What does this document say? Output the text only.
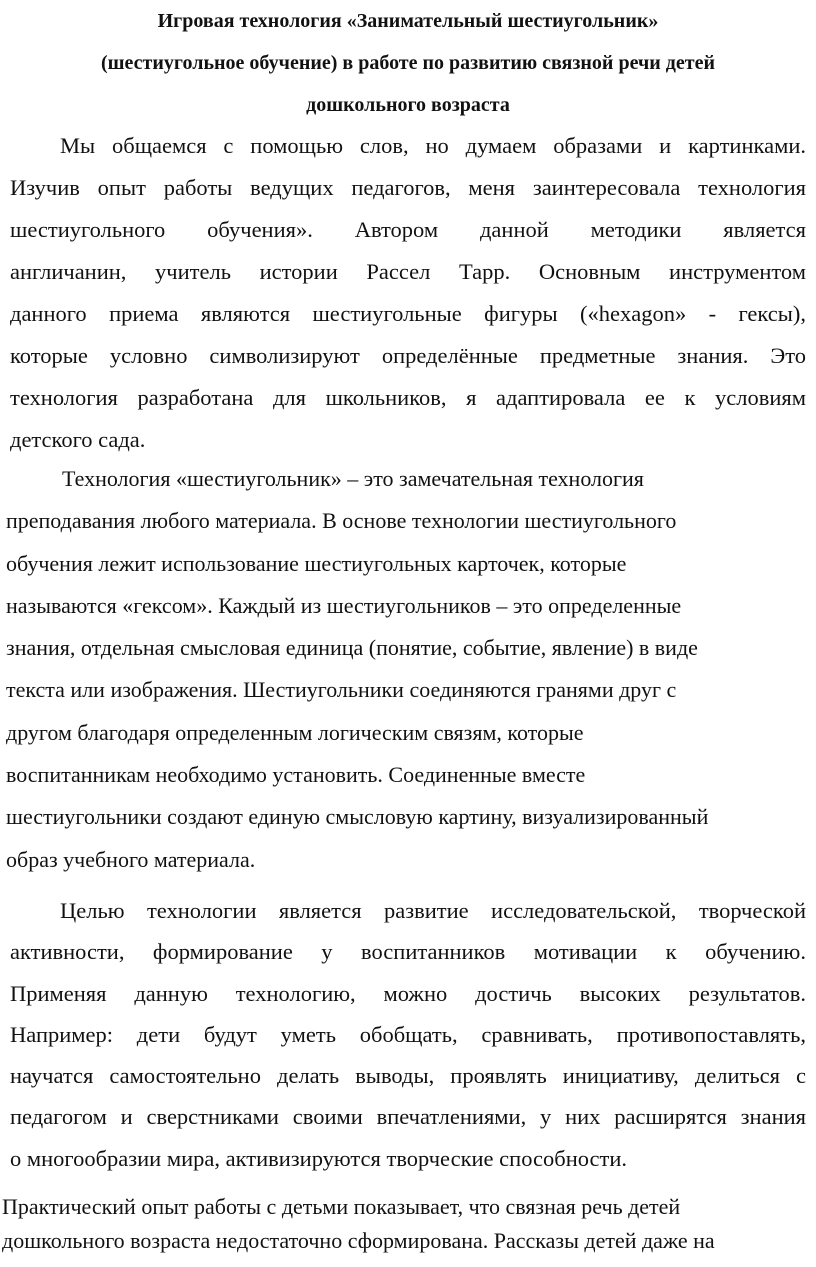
Игровая технология «Занимательный шестиугольник»
(шестиугольное обучение) в работе по развитию связной речи детей
дошкольного возраста
Мы общаемся с помощью слов, но думаем образами и картинками.
Изучив опыт работы ведущих педагогов, меня заинтересовала технология
шестиугольного обучения». Автором данной методики является
англичанин, учитель истории Рассел Тарр. Основным инструментом
данного приема являются шестиугольные фигуры («hexagon» - гексы),
которые условно символизируют определённые предметные знания. Это
технология разработана для школьников, я адаптировала ее к условиям
детского сада.
Технология «шестиугольник» – это замечательная технология
преподавания любого материала. В основе технологии шестиугольного
обучения лежит использование шестиугольных карточек, которые
называются «гексом». Каждый из шестиугольников – это определенные
знания, отдельная смысловая единица (понятие, событие, явление) в виде
текста или изображения. Шестиугольники соединяются гранями друг с
другом благодаря определенным логическим связям, которые
воспитанникам необходимо установить. Соединенные вместе
шестиугольники создают единую смысловую картину, визуализированный
образ учебного материала.
Целью технологии является развитие исследовательской, творческой
активности, формирование у воспитанников мотивации к обучению.
Применяя данную технологию, можно достичь высоких результатов.
Например: дети будут уметь обобщать, сравнивать, противопоставлять,
научатся самостоятельно делать выводы, проявлять инициативу, делиться с
педагогом и сверстниками своими впечатлениями, у них расширятся знания
о многообразии мира, активизируются творческие способности.
Практический опыт работы с детьми показывает, что связная речь детей
дошкольного возраста недостаточно сформирована. Рассказы детей даже на
